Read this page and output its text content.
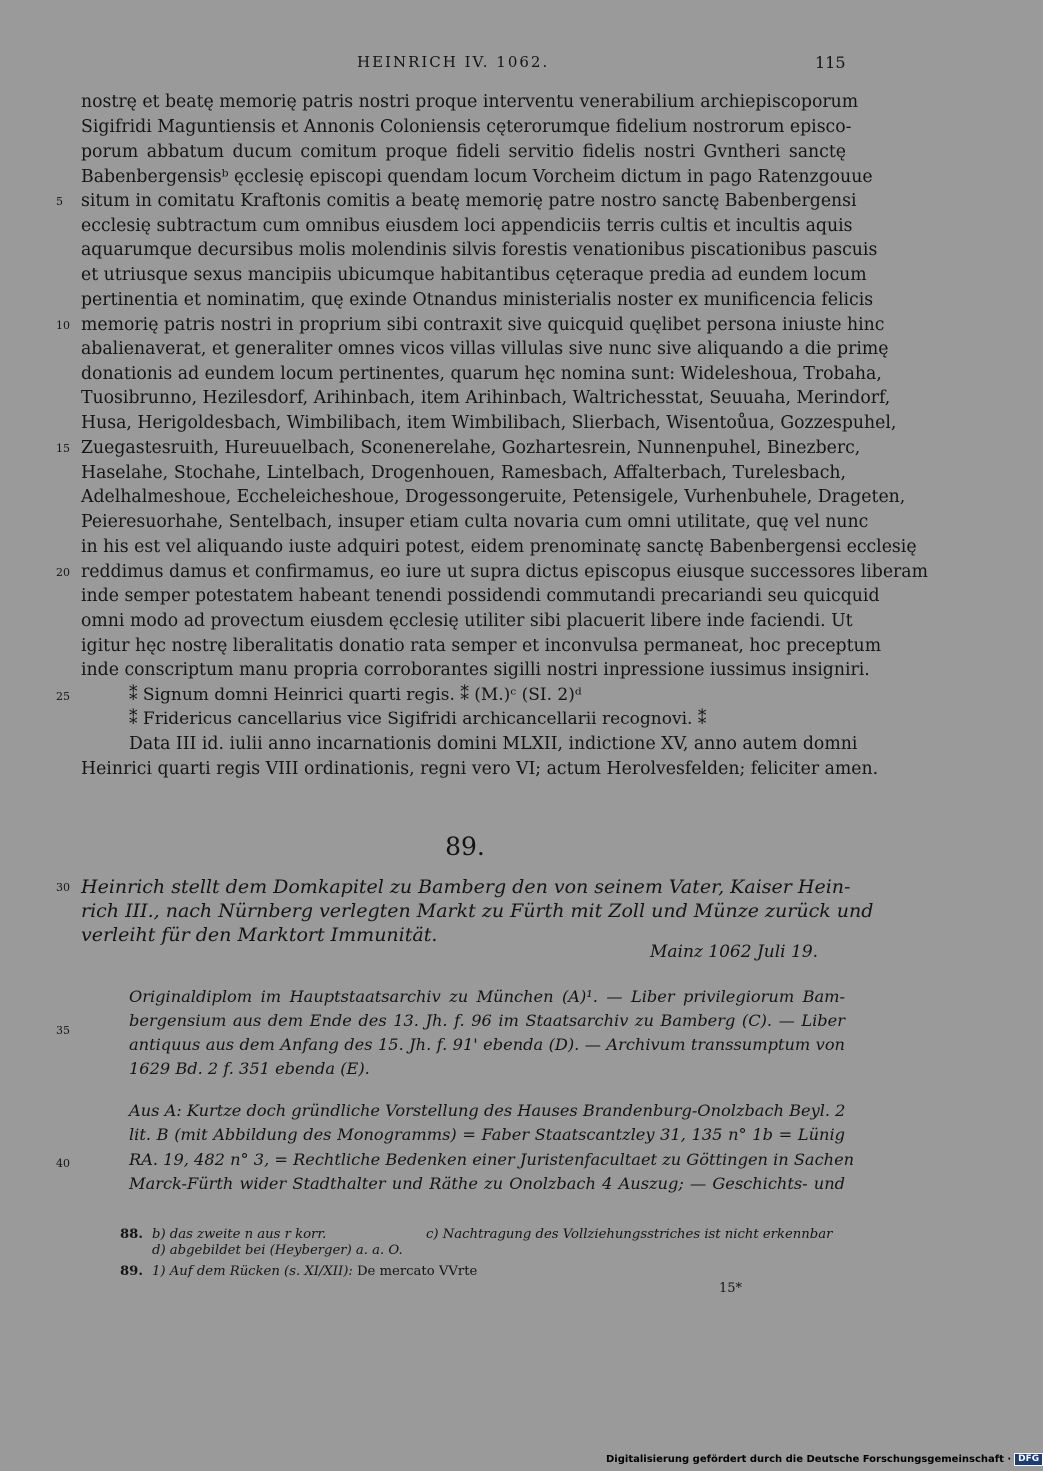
HEINRICH IV. 1062.	115
nostrę et beatę memorię patris nostri proque interventu venerabilium archiepiscoporum
Sigifridi Maguntiensis et Annonis Coloniensis cęterorumque fidelium nostrorum episco-
porum abbatum ducum comitum proque fideli servitio fidelis nostri Gvntheri sanctę
Babenbergensisᵇ ęcclesię episcopi quendam locum Vorcheim dictum in pago Ratenzgouue
situm in comitatu Kraftonis comitis a beatę memorię patre nostro sanctę Babenbergensi
ecclesię subtractum cum omnibus eiusdem loci appendiciis terris cultis et incultis aquis
aquarumque decursibus molis molendinis silvis forestis venationibus piscationibus pascuis
et utriusque sexus mancipiis ubicumque habitantibus cęteraque predia ad eundem locum
pertinentia et nominatim, quę exinde Otnandus ministerialis noster ex munificencia felicis
memorię patris nostri in proprium sibi contraxit sive quicquid quęlibet persona iniuste hinc
abalienaverat, et generaliter omnes vicos villas villulas sive nunc sive aliquando a die primę
donationis ad eundem locum pertinentes, quarum hęc nomina sunt: Wideleshoua, Trobaha,
Tuosibrunno, Hezilesdorf, Arihinbach, item Arihinbach, Waltrichesstat, Seuuaha, Merindorf,
Husa, Herigoldesbach, Wimbilibach, item Wimbilibach, Slierbach, Wisentoůua, Gozzespuhel,
Zuegastesruith, Hureuuelbach, Sconenerelahe, Gozhartesrein, Nunnenpuhel, Binezberc,
Haselahe, Stochahe, Lintelbach, Drogenhouen, Ramesbach, Affalterbach, Turelesbach,
Adelhalmeshoue, Eccheleicheshoue, Drogessongeruite, Petensigele, Vurhenbuhele, Drageten,
Peieresuorhahe, Sentelbach, insuper etiam culta novaria cum omni utilitate, quę vel nunc
in his est vel aliquando iuste adquiri potest, eidem prenominatę sanctę Babenbergensi ecclesię
reddimus damus et confirmamus, eo iure ut supra dictus episcopus eiusque successores liberam
inde semper potestatem habeant tenendi possidendi commutandi precariandi seu quicquid
omni modo ad provectum eiusdem ęcclesię utiliter sibi placuerit libere inde faciendi. Ut
igitur hęc nostrę liberalitatis donatio rata semper et inconvulsa permaneat, hoc preceptum
inde conscriptum manu propria corroborantes sigilli nostri inpressione iussimus insigniri.
⁑ Signum domni Heinrici quarti regis. ⁑ (M.)ᶜ (SI. 2)ᵈ
⁑ Fridericus cancellarius vice Sigifridi archicancellarii recognovi. ⁑
Data III id. iulii anno incarnationis domini MLXII, indictione XV, anno autem domni
Heinrici quarti regis VIII ordinationis, regni vero VI; actum Herolvesfelden; feliciter amen.
5
10
15
20
25
30
35
40
89.
Heinrich stellt dem Domkapitel zu Bamberg den von seinem Vater, Kaiser Hein-
rich III., nach Nürnberg verlegten Markt zu Fürth mit Zoll und Münze zurück und
verleiht für den Marktort Immunität.
Mainz 1062 Juli 19.
Originaldiplom im Hauptstaatsarchiv zu München (A)¹. — Liber privilegiorum Bam-
bergensium aus dem Ende des 13. Jh. f. 96 im Staatsarchiv zu Bamberg (C). — Liber
antiquus aus dem Anfang des 15. Jh. f. 91' ebenda (D). — Archivum transsumptum von
1629 Bd. 2 f. 351 ebenda (E).
Aus A: Kurtze doch gründliche Vorstellung des Hauses Brandenburg-Onolzbach Beyl. 2
lit. B (mit Abbildung des Monogramms) = Faber Staatscantzley 31, 135 n° 1b = Lünig
RA. 19, 482 n° 3, = Rechtliche Bedenken einer Juristenfacultaet zu Göttingen in Sachen
Marck-Fürth wider Stadthalter und Räthe zu Onolzbach 4 Auszug; — Geschichts- und
88. b) das zweite n aus r korr.	c) Nachtragung des Vollziehungsstriches ist nicht erkennbar
d) abgebildet bei (Heyberger) a. a. O.
89. 1) Auf dem Rücken (s. XI/XII): De mercato VVrte
15*
Digitalisierung gefördert durch die Deutsche Forschungsgemeinschaft · DFG
